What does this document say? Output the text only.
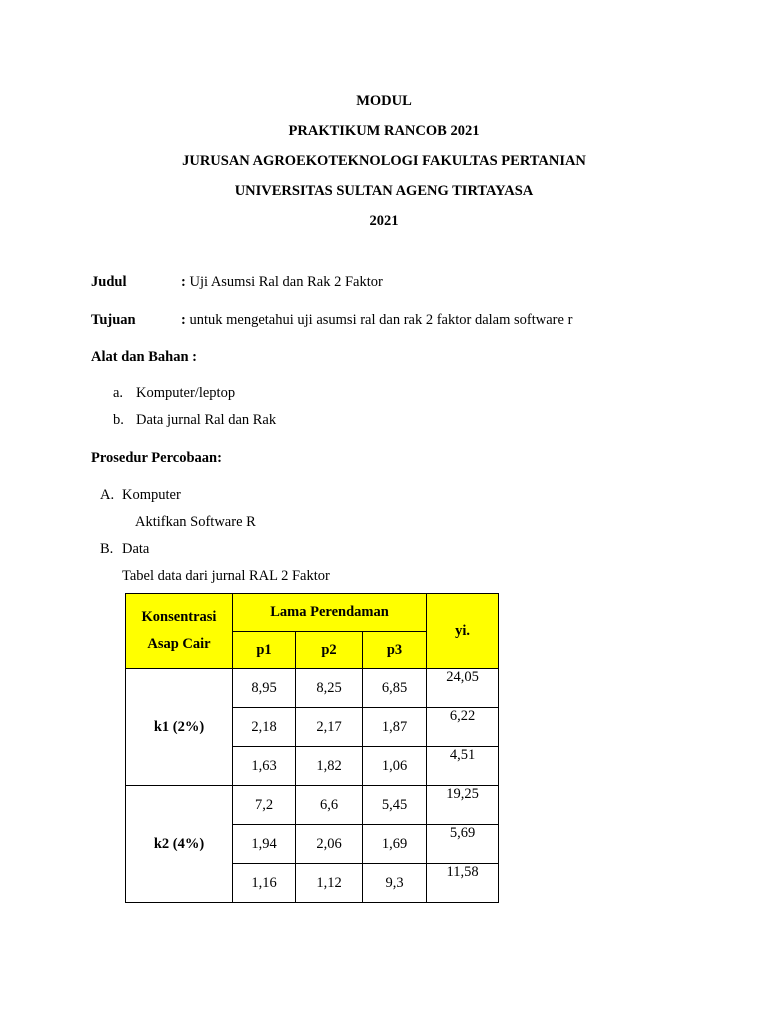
MODUL
PRAKTIKUM RANCOB 2021
JURUSAN AGROEKOTEKNOLOGI FAKULTAS PERTANIAN
UNIVERSITAS SULTAN AGENG TIRTAYASA
2021
Judul	: Uji Asumsi Ral dan Rak 2 Faktor
Tujuan	: untuk mengetahui uji asumsi ral dan rak 2 faktor dalam software r
Alat dan Bahan :
a. Komputer/leptop
b. Data jurnal Ral dan Rak
Prosedur Percobaan:
A. Komputer
Aktifkan Software R
B. Data
Tabel data dari jurnal RAL 2 Faktor
Konsentrasi Asap Cair	Lama Perendaman			yi.
	p1	p2	p3	
k1 (2%)	8,95	8,25	6,85	24,05
	2,18	2,17	1,87	6,22
	1,63	1,82	1,06	4,51
k2 (4%)	7,2	6,6	5,45	19,25
	1,94	2,06	1,69	5,69
	1,16	1,12	9,3	11,58
